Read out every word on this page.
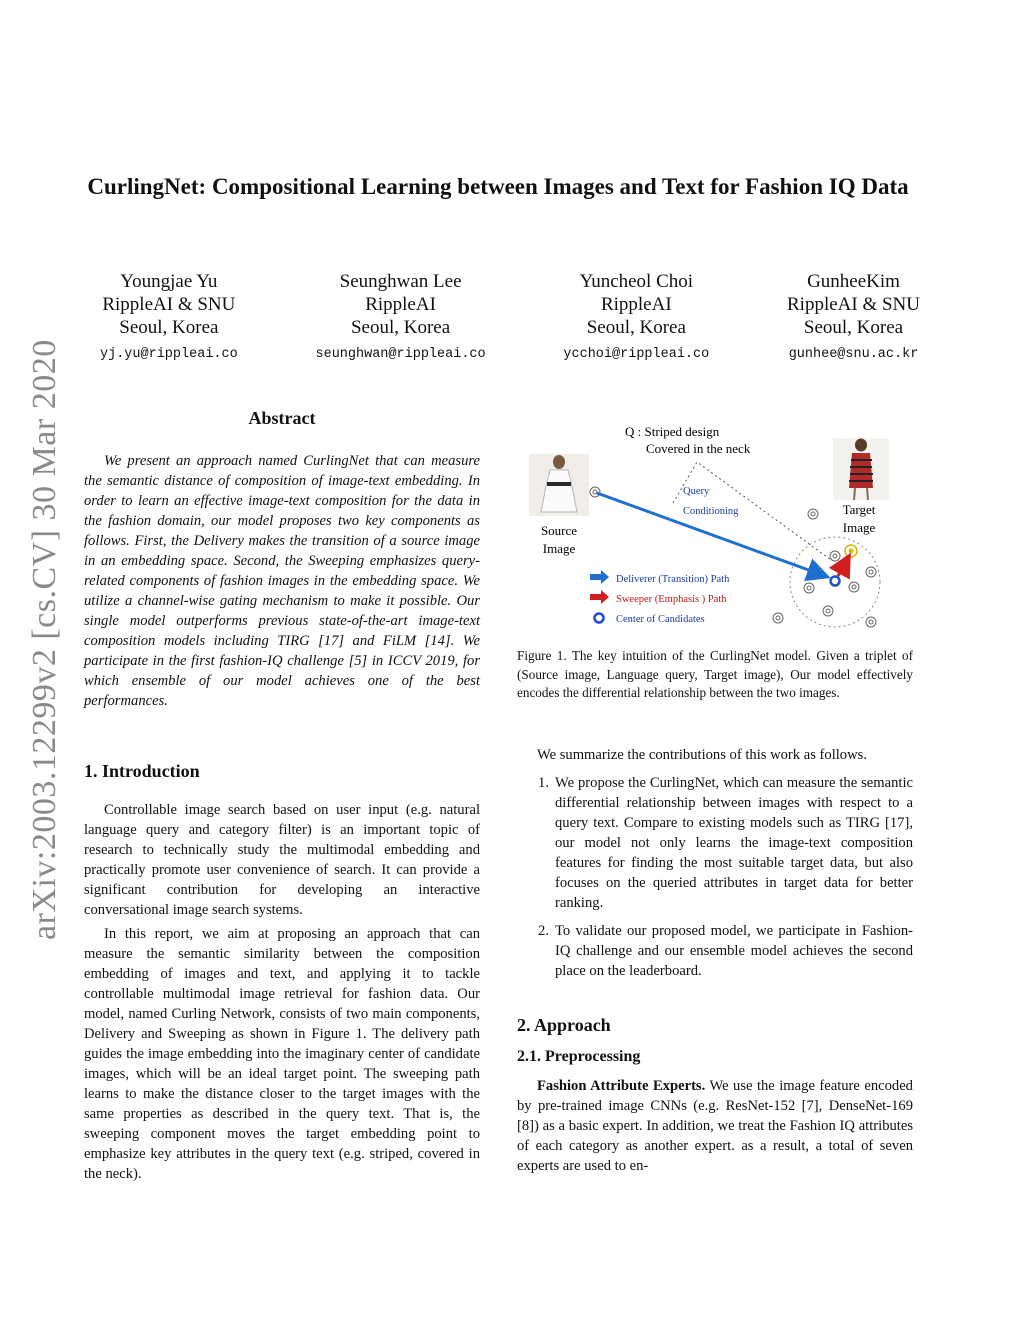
arXiv:2003.12299v2 [cs.CV] 30 Mar 2020
CurlingNet: Compositional Learning between Images and Text for Fashion IQ Data
Youngjae Yu
RippleAI & SNU
Seoul, Korea
yj.yu@rippleai.co
Seunghwan Lee
RippleAI
Seoul, Korea
seunghwan@rippleai.co
Yuncheol Choi
RippleAI
Seoul, Korea
ycchoi@rippleai.co
GunheeKim
RippleAI & SNU
Seoul, Korea
gunhee@snu.ac.kr
Abstract

We present an approach named CurlingNet that can measure the semantic distance of composition of image-text embedding. In order to learn an effective image-text composition for the data in the fashion domain, our model proposes two key components as follows. First, the Delivery makes the transition of a source image in an embedding space. Second, the Sweeping emphasizes query-related components of fashion images in the embedding space. We utilize a channel-wise gating mechanism to make it possible. Our single model outperforms previous state-of-the-art image-text composition models including TIRG [17] and FiLM [14]. We participate in the first fashion-IQ challenge [5] in ICCV 2019, for which ensemble of our model achieves one of the best performances.

1. Introduction

Controllable image search based on user input (e.g. natural language query and category filter) is an important topic of research to technically study the multimodal embedding and practically promote user convenience of search. It can provide a significant contribution for developing an interactive conversational image search systems.

In this report, we aim at proposing an approach that can measure the semantic similarity between the composition embedding of images and text, and applying it to tackle controllable multimodal image retrieval for fashion data. Our model, named Curling Network, consists of two main components, Delivery and Sweeping as shown in Figure 1. The delivery path guides the image embedding into the imaginary center of candidate images, which will be an ideal target point. The sweeping path learns to make the distance closer to the target images with the same properties as described in the query text. That is, the sweeping component moves the target embedding point to emphasize key attributes in the query text (e.g. striped, covered in the neck).

Source
Image
Target
Image
Q : Striped design
Covered in the neck
Query
Conditioning
Deliverer (Transition) Path
Sweeper (Emphasis ) Path
Center of Candidates
Figure 1. The key intuition of the CurlingNet model. Given a triplet of (Source image, Language query, Target image), Our model effectively encodes the differential relationship between the two images.

We summarize the contributions of this work as follows.

1. We propose the CurlingNet, which can measure the semantic differential relationship between images with respect to a query text. Compare to existing models such as TIRG [17], our model not only learns the image-text composition features for finding the most suitable target data, but also focuses on the queried attributes in target data for better ranking.
2. To validate our proposed model, we participate in Fashion-IQ challenge and our ensemble model achieves the second place on the leaderboard.
2. Approach
2.1. Preprocessing

Fashion Attribute Experts. We use the image feature encoded by pre-trained image CNNs (e.g. ResNet-152 [7], DenseNet-169 [8]) as a basic expert. In addition, we treat the Fashion IQ attributes of each category as another expert. as a result, a total of seven experts are used to en-
